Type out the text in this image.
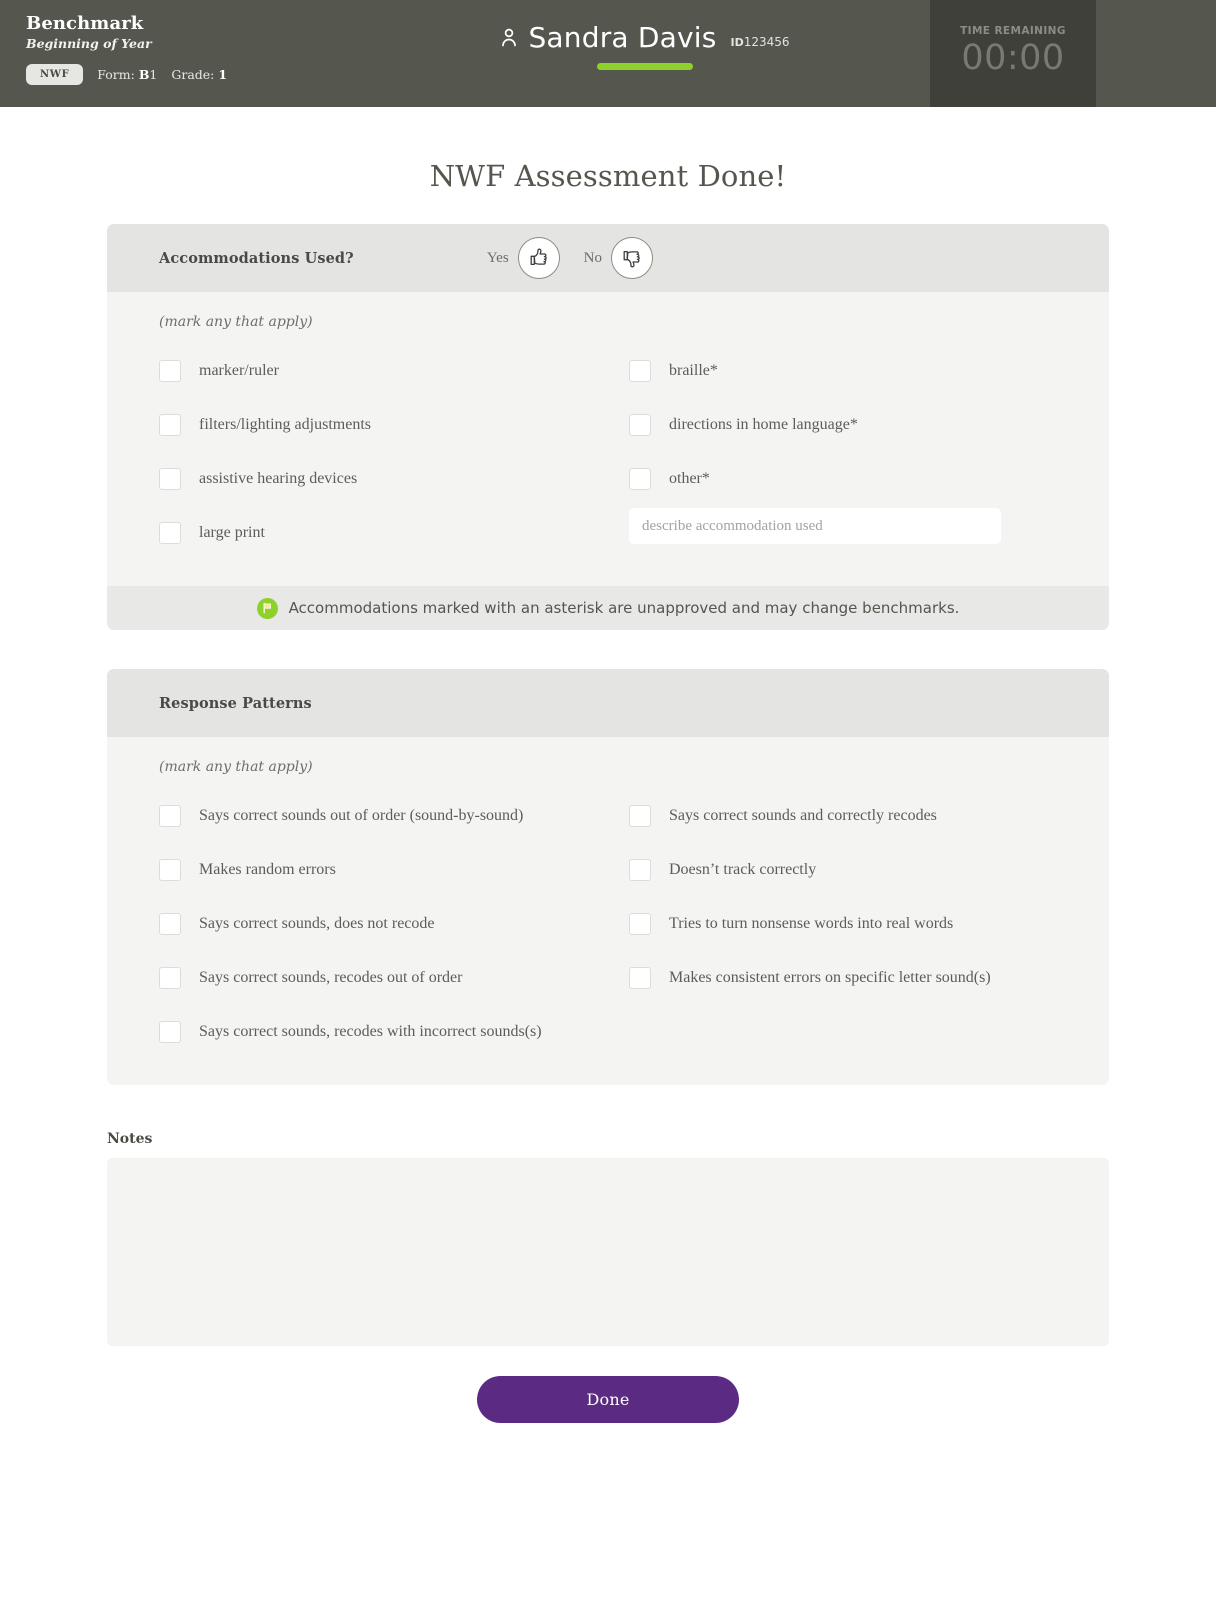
Benchmark
Beginning of Year
NWF	Form: B1 Grade: 1
Sandra Davis ID123456
TIME REMAINING
00:00
NWF Assessment Done!
Accommodations Used?	Yes	No
(mark any that apply)
marker/ruler
filters/lighting adjustments
assistive hearing devices
large print
braille*
directions in home language*
other*
describe accommodation used
Accommodations marked with an asterisk are unapproved and may change benchmarks.
Response Patterns
(mark any that apply)
Says correct sounds out of order (sound-by-sound)
Makes random errors
Says correct sounds, does not recode
Says correct sounds, recodes out of order
Says correct sounds, recodes with incorrect sounds(s)
Says correct sounds and correctly recodes
Doesn’t track correctly
Tries to turn nonsense words into real words
Makes consistent errors on specific letter sound(s)
Notes
Done
